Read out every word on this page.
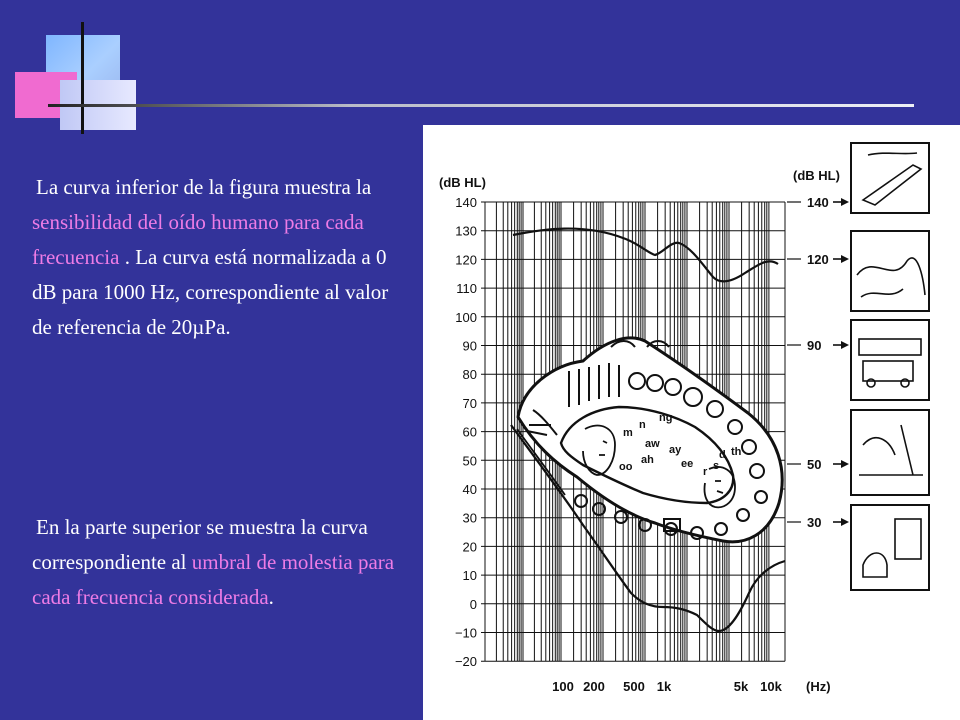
La curva inferior de la figura muestra la sensibilidad del oído humano para cada frecuencia . La curva está normalizada a 0 dB para 1000 Hz, correspondiente al valor de referencia de 20µPa.

En la parte superior se muestra la curva correspondiente al umbral de molestia para cada frecuencia considerada.

(dB HL)	(dB HL)
(Hz)
140
130
120
110
100
90
80
70
60
50
40
30
20
10
0
−10
−20
100 200 500 1k	5k 10k
m
n
ng
aw ay	d th
oo
ah ee
r s
140
120
90
50
30
